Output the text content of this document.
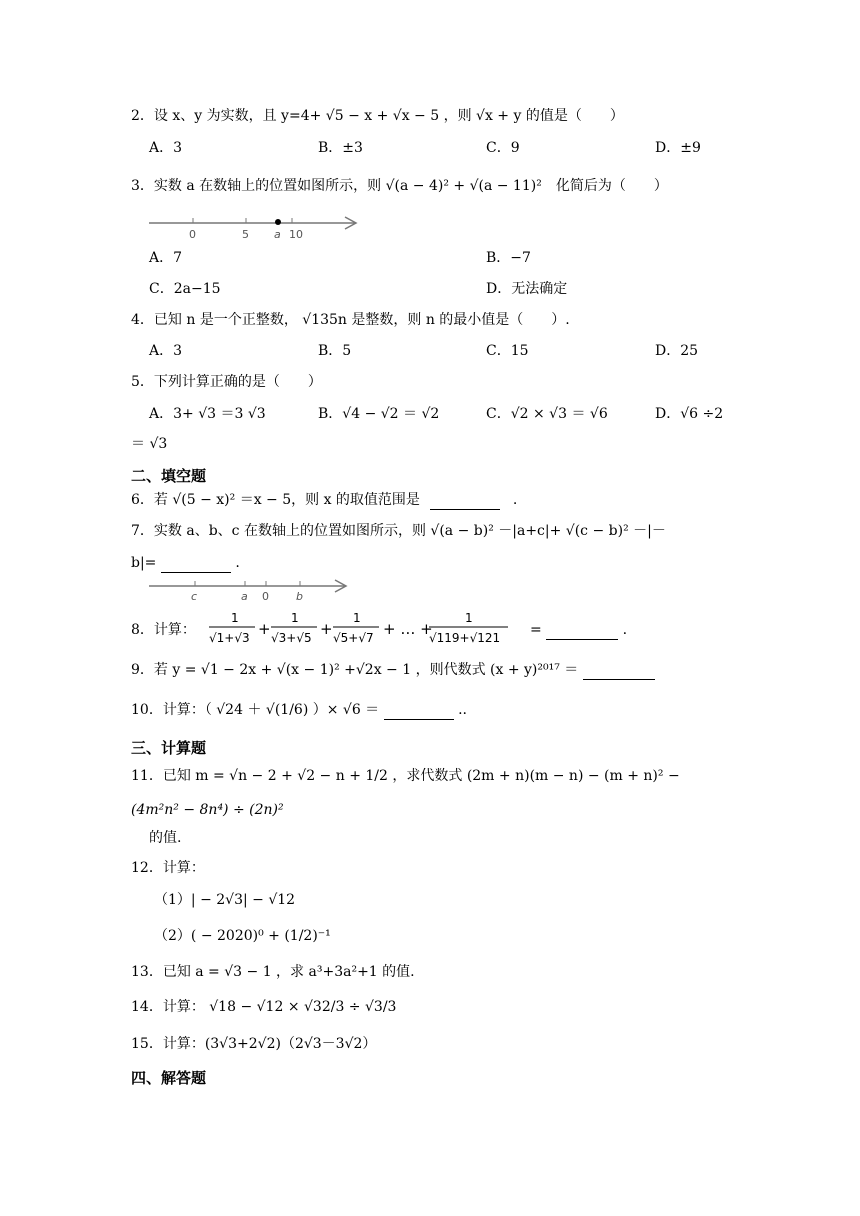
2．设 x、y 为实数，且 y=4+ √5 − x + √x − 5 ，则 √x + y 的值是（　　）
A．3	B．±3	C．9	D．±9
3．实数 a 在数轴上的位置如图所示，则 √(a − 4)² + √(a − 11)²　化简后为（　　）
0	5 a 10
A．7	B．−7
C．2a−15	D．无法确定
4．已知 n 是一个正整数， √135n 是整数，则 n 的最小值是（　　）.
A．3	B．5	C．15	D．25
5．下列计算正确的是（　　）
A．3+ √3 ＝3 √3	B．√4 − √2 ＝ √2	C．√2 × √3 ＝ √6	D．√6 ÷2
＝ √3
二、填空题
6．若 √(5 − x)² ＝x − 5，则 x 的取值范围是	.
7．实数 a、b、c 在数轴上的位置如图所示，则 √(a − b)² －|a+c|+ √(c − b)² －|－
b|=	.
c	a 0 b
8．计算：
1
√1+√3 +
1
√3+√5 +
1
√5+√7 + … +
1
√119+√121 =	.
9．若 y = √1 − 2x + √(x − 1)² +√2x − 1 ，则代数式 (x + y)²⁰¹⁷ ＝
10．计算：（ √24 ＋ √(1/6) ）× √6 ＝	..
三、计算题
11．已知 m = √n − 2 + √2 − n + 1/2 ，求代数式 (2m + n)(m − n) − (m + n)² −
(4m²n² − 8n⁴) ÷ (2n)²
的值.
12．计算：
（1）| − 2√3| − √12
（2）( − 2020)⁰ + (1/2)⁻¹
13．已知 a = √3 − 1 ，求 a³+3a²+1 的值.
14．计算： √18 − √12 × √32/3 ÷ √3/3
15．计算：(3√3+2√2)（2√3－3√2）
四、解答题
